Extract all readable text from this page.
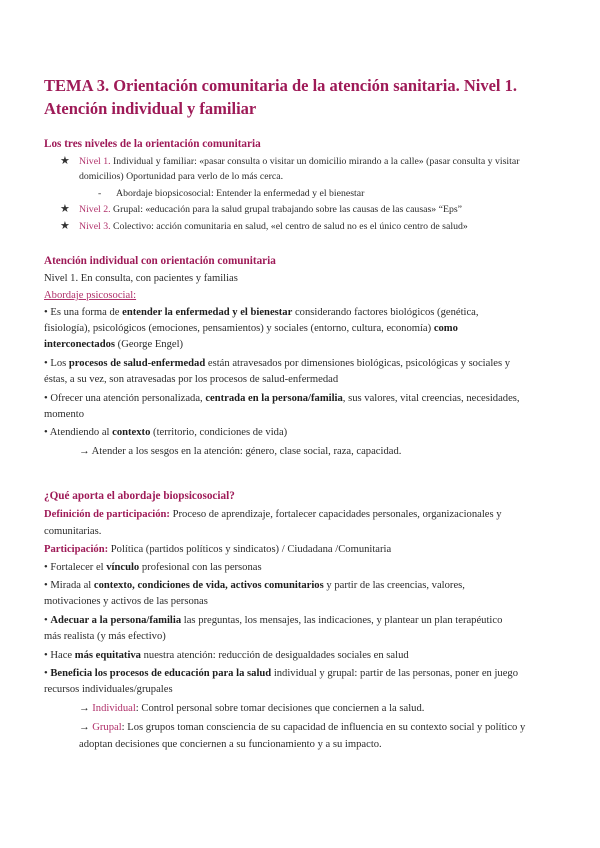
TEMA 3. Orientación comunitaria de la atención sanitaria. Nivel 1. Atención individual y familiar
Los tres niveles de la orientación comunitaria
★ Nivel 1. Individual y familiar: «pasar consulta o visitar un domicilio mirando a la calle» (pasar consulta y visitar
domicilios) Oportunidad para verlo de lo más cerca.
- Abordaje biopsicosocial: Entender la enfermedad y el bienestar
★ Nivel 2. Grupal: «educación para la salud grupal trabajando sobre las causas de las causas» “Eps”
★ Nivel 3. Colectivo: acción comunitaria en salud, «el centro de salud no es el único centro de salud»
Atención individual con orientación comunitaria
Nivel 1. En consulta, con pacientes y familias
Abordaje psicosocial:
• Es una forma de entender la enfermedad y el bienestar considerando factores biológicos (genética,
fisiología), psicológicos (emociones, pensamientos) y sociales (entorno, cultura, economía) como
interconectados (George Engel)
• Los procesos de salud-enfermedad están atravesados por dimensiones biológicas, psicológicas y sociales y
éstas, a su vez, son atravesadas por los procesos de salud-enfermedad
• Ofrecer una atención personalizada, centrada en la persona/familia, sus valores, vital creencias, necesidades,
momento
• Atendiendo al contexto (territorio, condiciones de vida)
→ Atender a los sesgos en la atención: género, clase social, raza, capacidad.
¿Qué aporta el abordaje biopsicosocial?
Definición de participación: Proceso de aprendizaje, fortalecer capacidades personales, organizacionales y
comunitarias.
Participación: Política (partidos políticos y sindicatos) / Ciudadana /Comunitaria
• Fortalecer el vínculo profesional con las personas
• Mirada al contexto, condiciones de vida, activos comunitarios y partir de las creencias, valores,
motivaciones y activos de las personas
• Adecuar a la persona/familia las preguntas, los mensajes, las indicaciones, y plantear un plan terapéutico
más realista (y más efectivo)
• Hace más equitativa nuestra atención: reducción de desigualdades sociales en salud
• Beneficia los procesos de educación para la salud individual y grupal: partir de las personas, poner en juego
recursos individuales/grupales
→ Individual: Control personal sobre tomar decisiones que conciernen a la salud.
→ Grupal: Los grupos toman consciencia de su capacidad de influencia en su contexto social y político y
adoptan decisiones que conciernen a su funcionamiento y a su impacto.
